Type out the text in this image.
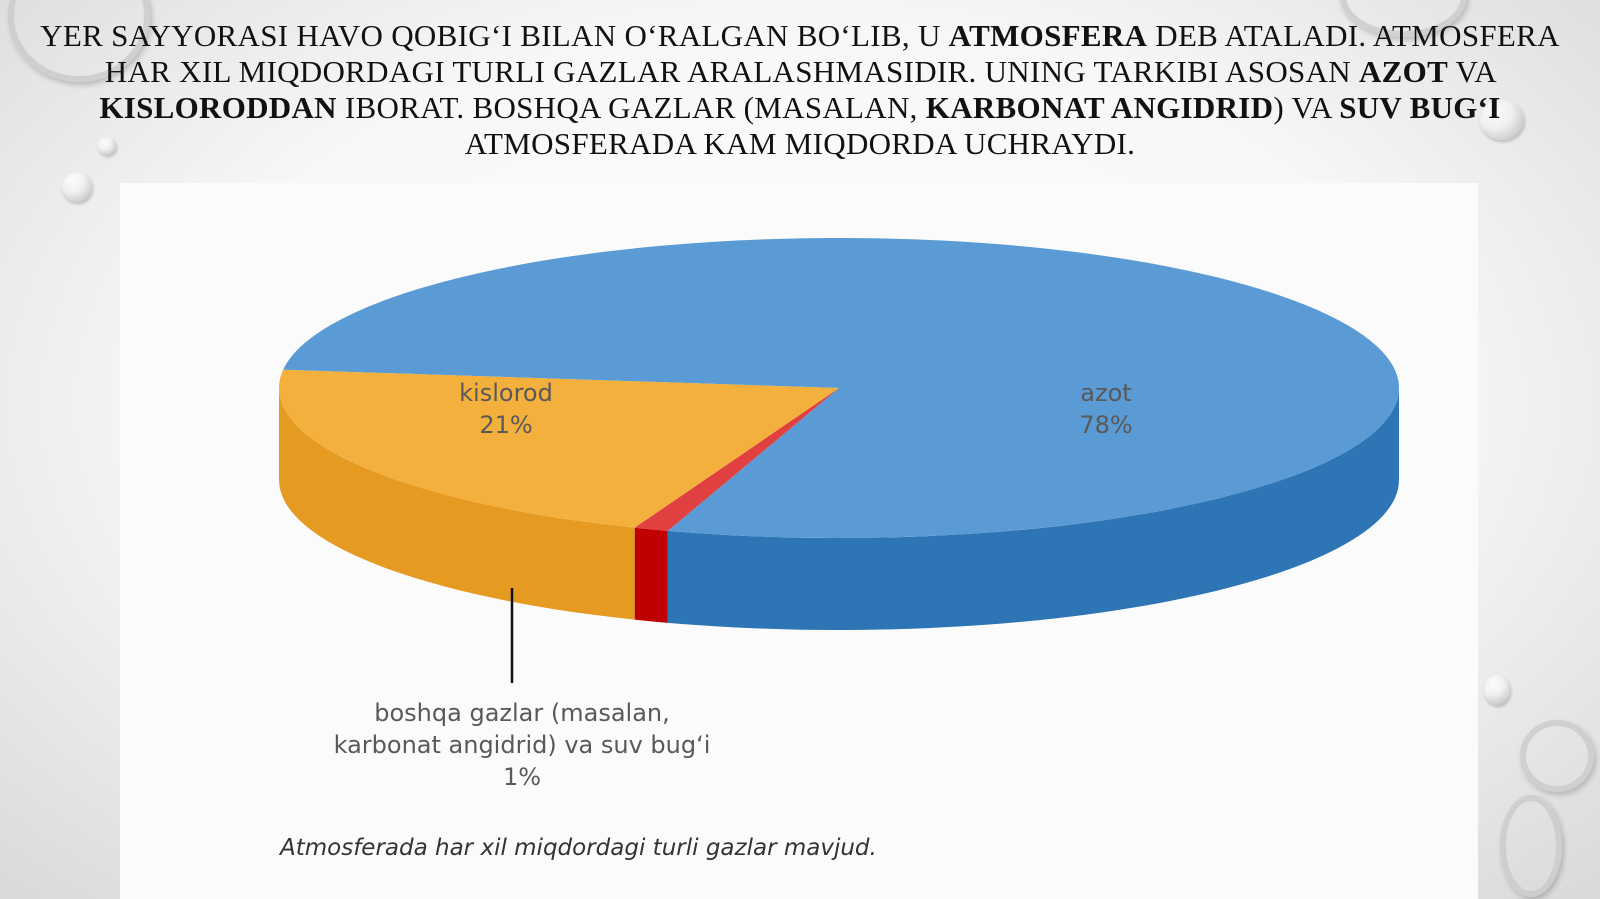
YER SAYYORASI HAVO QOBIG‘I BILAN O‘RALGAN BO‘LIB, U ATMOSFERA DEB ATALADI. ATMOSFERA HAR XIL MIQDORDAGI TURLI GAZLAR ARALASHMASIDIR. UNING TARKIBI ASOSAN AZOT VA KISLORODDAN IBORAT. BOSHQA GAZLAR (MASALAN, KARBONAT ANGIDRID) VA SUV BUG‘I ATMOSFERADA KAM MIQDORDA UCHRAYDI.
kislorod
21%
azot
78%
boshqa gazlar (masalan,
karbonat angidrid) va suv bug‘i
1%
Atmosferada har xil miqdordagi turli gazlar mavjud.
